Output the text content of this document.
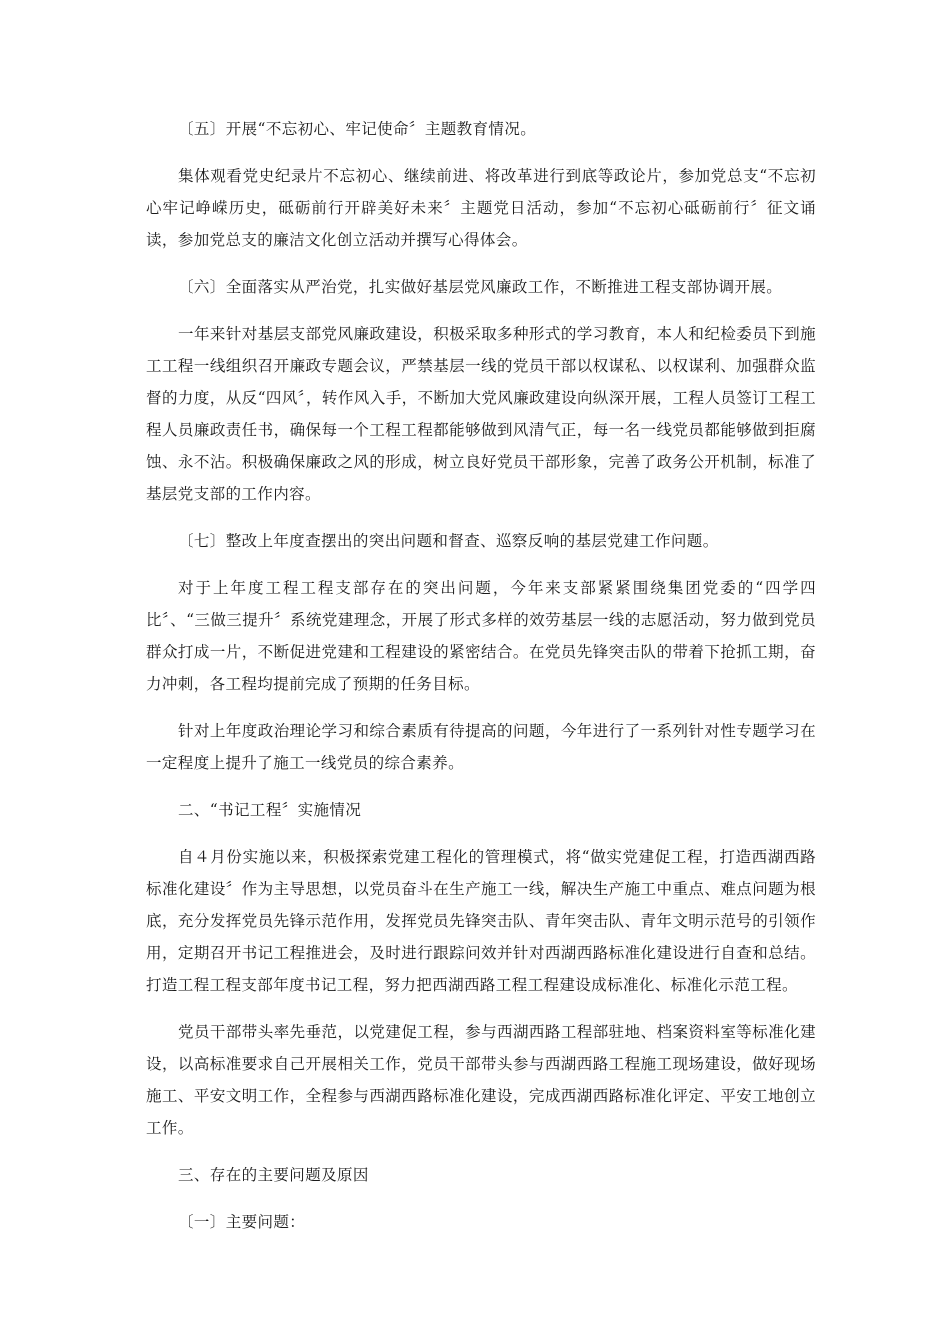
〔五〕开展“不忘初心、牢记使命〞主题教育情况。

集体观看党史纪录片不忘初心、继续前进、将改革进行到底等政论片，参加党总支“不忘初心牢记峥嵘历史，砥砺前行开辟美好未来〞主题党日活动，参加“不忘初心砥砺前行〞征文诵读，参加党总支的廉洁文化创立活动并撰写心得体会。

〔六〕全面落实从严治党，扎实做好基层党风廉政工作，不断推进工程支部协调开展。

一年来针对基层支部党风廉政建设，积极采取多种形式的学习教育，本人和纪检委员下到施工工程一线组织召开廉政专题会议，严禁基层一线的党员干部以权谋私、以权谋利、加强群众监督的力度，从反“四风〞，转作风入手，不断加大党风廉政建设向纵深开展，工程人员签订工程工程人员廉政责任书，确保每一个工程工程都能够做到风清气正，每一名一线党员都能够做到拒腐蚀、永不沾。积极确保廉政之风的形成，树立良好党员干部形象，完善了政务公开机制，标准了基层党支部的工作内容。

〔七〕整改上年度查摆出的突出问题和督查、巡察反响的基层党建工作问题。

对于上年度工程工程支部存在的突出问题，今年来支部紧紧围绕集团党委的“四学四比〞、“三做三提升〞系统党建理念，开展了形式多样的效劳基层一线的志愿活动，努力做到党员群众打成一片，不断促进党建和工程建设的紧密结合。在党员先锋突击队的带着下抢抓工期，奋力冲刺，各工程均提前完成了预期的任务目标。

针对上年度政治理论学习和综合素质有待提高的问题，今年进行了一系列针对性专题学习在一定程度上提升了施工一线党员的综合素养。

二、“书记工程〞实施情况

自４月份实施以来，积极探索党建工程化的管理模式，将“做实党建促工程，打造西湖西路标准化建设〞作为主导思想，以党员奋斗在生产施工一线，解决生产施工中重点、难点问题为根底，充分发挥党员先锋示范作用，发挥党员先锋突击队、青年突击队、青年文明示范号的引领作用，定期召开书记工程推进会，及时进行跟踪问效并针对西湖西路标准化建设进行自查和总结。打造工程工程支部年度书记工程，努力把西湖西路工程工程建设成标准化、标准化示范工程。

党员干部带头率先垂范，以党建促工程，参与西湖西路工程部驻地、档案资料室等标准化建设，以高标准要求自己开展相关工作，党员干部带头参与西湖西路工程施工现场建设，做好现场施工、平安文明工作，全程参与西湖西路标准化建设，完成西湖西路标准化评定、平安工地创立工作。

三、存在的主要问题及原因

〔一〕主要问题：
